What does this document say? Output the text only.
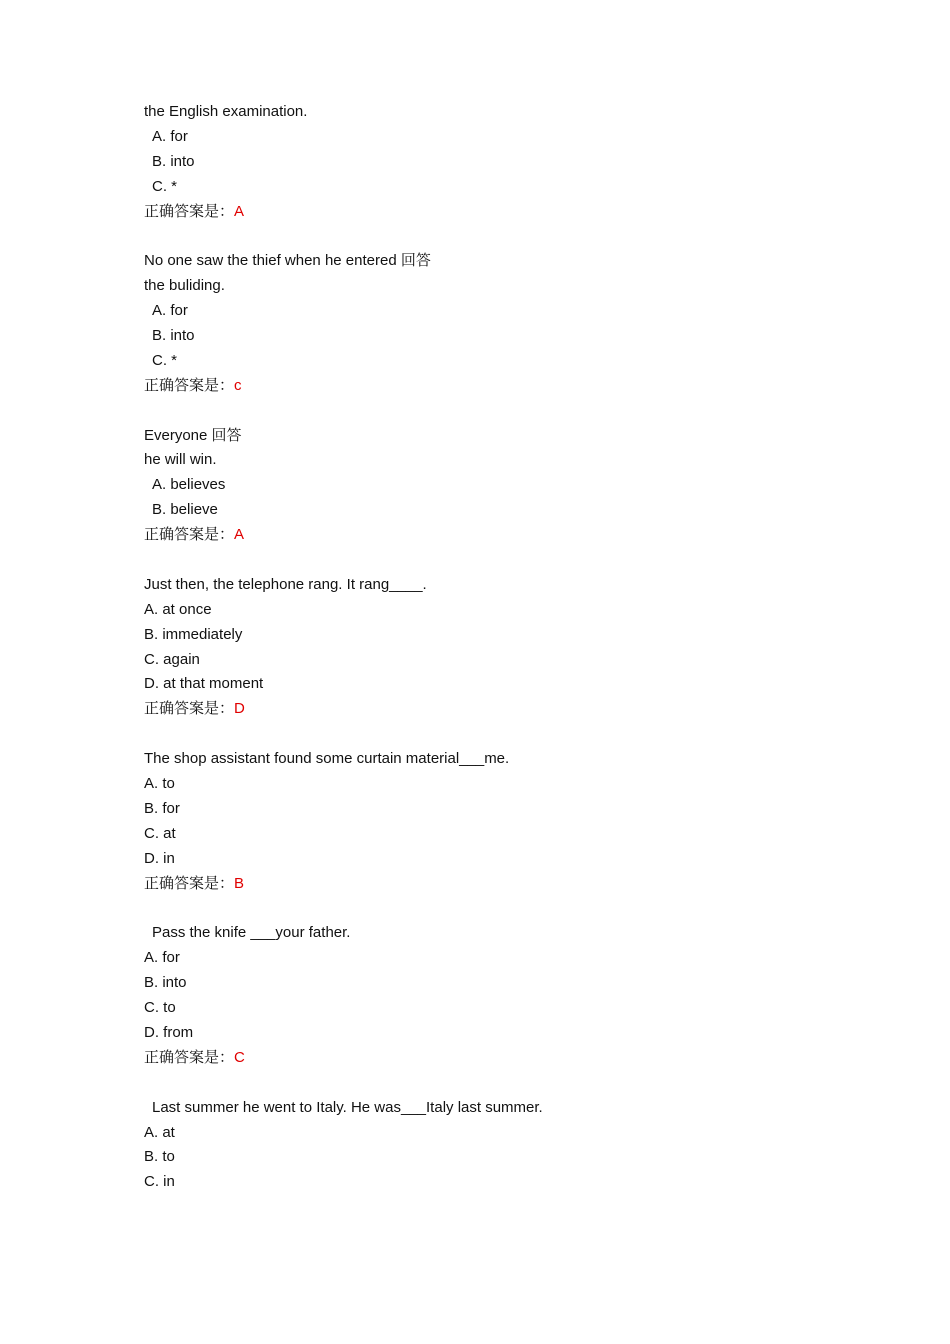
the English examination.
A. for
B. into
C. *
正确答案是：A
No one saw the thief when he entered 回答
the buliding.
A. for
B. into
C. *
正确答案是：c
Everyone 回答
he will win.
A. believes
B. believe
正确答案是：A
Just then, the telephone rang. It rang____.
A. at once
B. immediately
C. again
D. at that moment
正确答案是：D
The shop assistant found some curtain material___me.
A. to
B. for
C. at
D. in
正确答案是：B
Pass the knife ___your father.
A. for
B. into
C. to
D. from
正确答案是：C
Last summer he went to Italy. He was___Italy last summer.
A. at
B. to
C. in
